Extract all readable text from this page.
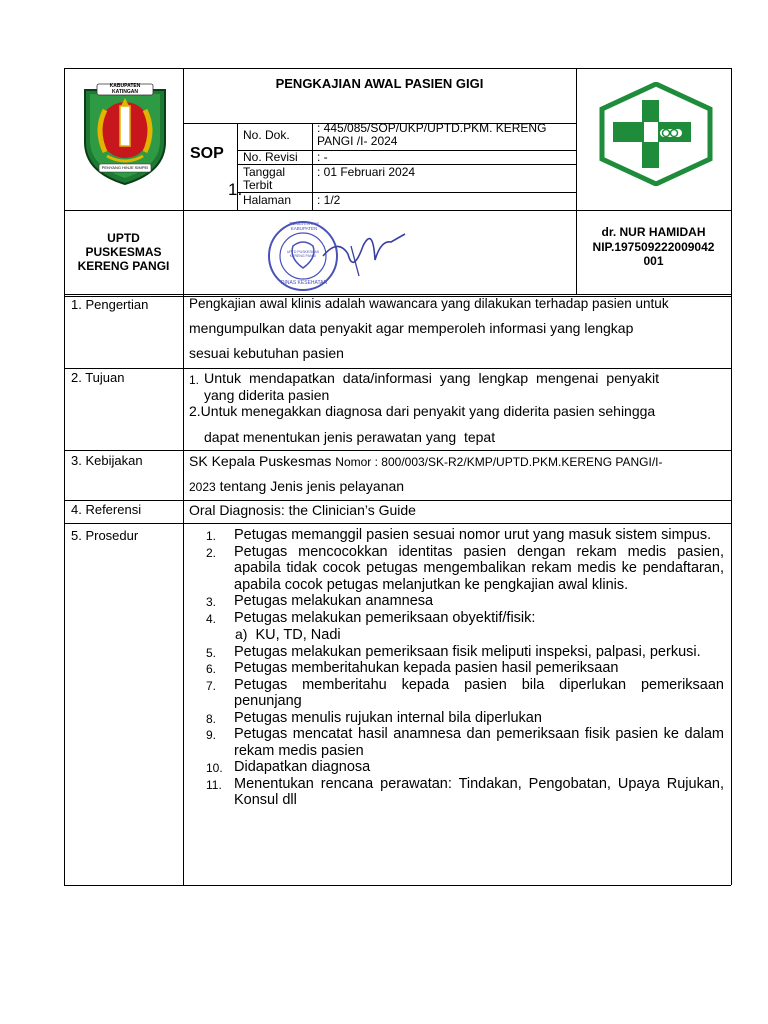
KABUPATEN KATINGAN
PENYANG HINJE SIMPEI
PENGKAJIAN AWAL PASIEN GIGI
SOP
1.
No. Dok. : 445/085/SOP/UKP/UPTD.PKM. KERENG
PANGI /I- 2024
No. Revisi : -
Tanggal
Terbit
: 01 Februari 2024
Halaman : 1/2
UPTD
PUSKESMAS
KERENG PANGI
PEMERINTAH KABUPATEN
UPTD PUSKESMAS KERENG PANGI
DINAS KESEHATAN
dr. NUR HAMIDAH
NIP.197509222009042
001
1. Pengertian
2. Tujuan
3. Kebijakan
4. Referensi
5. Prosedur
Pengkajian awal klinis adalah wawancara yang dilakukan terhadap pasien untuk
mengumpulkan data penyakit agar memperoleh informasi yang lengkap
sesuai kebutuhan pasien
1. Untuk  mendapatkan  data/informasi  yang  lengkap  mengenai  penyakit
yang diderita pasien
2.Untuk menegakkan diagnosa dari penyakit yang diderita pasien sehingga
dapat menentukan jenis perawatan yang  tepat
SK Kepala Puskesmas Nomor : 800/003/SK-R2/KMP/UPTD.PKM.KERENG PANGI/I-
2023 tentang Jenis jenis pelayanan
Oral Diagnosis: the Clinician’s Guide
1. Petugas memanggil pasien sesuai nomor urut yang masuk sistem simpus.
2. Petugas mencocokkan identitas pasien dengan rekam medis pasien, apabila tidak cocok petugas mengembalikan rekam medis ke pendaftaran, apabila cocok petugas melanjutkan ke pengkajian awal klinis.
3. Petugas melakukan anamnesa
4. Petugas melakukan pemeriksaan obyektif/fisik:
a) KU, TD, Nadi
5. Petugas melakukan pemeriksaan fisik meliputi inspeksi, palpasi, perkusi.
6. Petugas memberitahukan kepada pasien hasil pemeriksaan
7. Petugas memberitahu kepada pasien bila diperlukan pemeriksaan penunjang
8. Petugas menulis rujukan internal bila diperlukan
9. Petugas mencatat hasil anamnesa dan pemeriksaan fisik pasien ke dalam rekam medis pasien
10. Didapatkan diagnosa
11. Menentukan rencana perawatan: Tindakan, Pengobatan, Upaya Rujukan, Konsul dll
